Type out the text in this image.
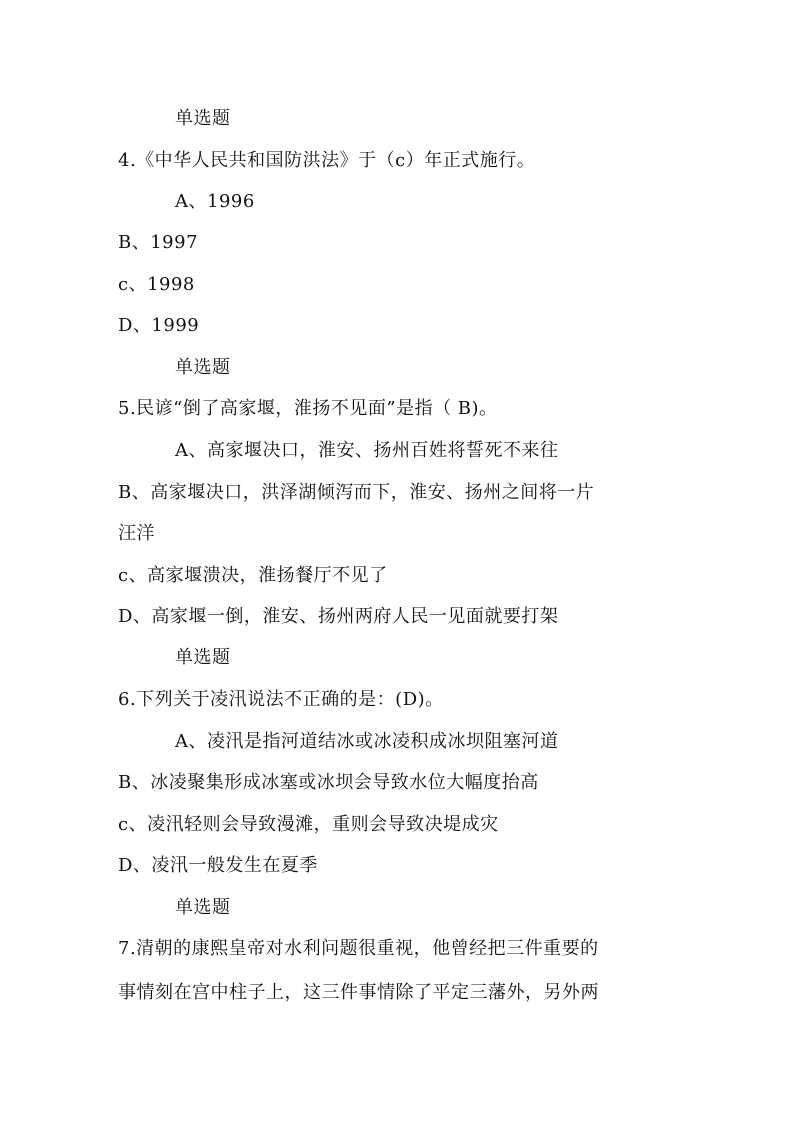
单选题
4.《中华人民共和国防洪法》于（c）年正式施行。
A、1996
B、1997
c、1998
D、1999
单选题
5.民谚“倒了高家堰，淮扬不见面”是指（ B)。
A、高家堰决口，淮安、扬州百姓将誓死不来往
B、高家堰决口，洪泽湖倾泻而下，淮安、扬州之间将一片
汪洋
c、高家堰溃决，淮扬餐厅不见了
D、高家堰一倒，淮安、扬州两府人民一见面就要打架
单选题
6.下列关于凌汛说法不正确的是：(D)。
A、凌汛是指河道结冰或冰凌积成冰坝阻塞河道
B、冰凌聚集形成冰塞或冰坝会导致水位大幅度抬高
c、凌汛轻则会导致漫滩，重则会导致决堤成灾
D、凌汛一般发生在夏季
单选题
7.清朝的康熙皇帝对水利问题很重视，他曾经把三件重要的
事情刻在宫中柱子上，这三件事情除了平定三藩外，另外两
